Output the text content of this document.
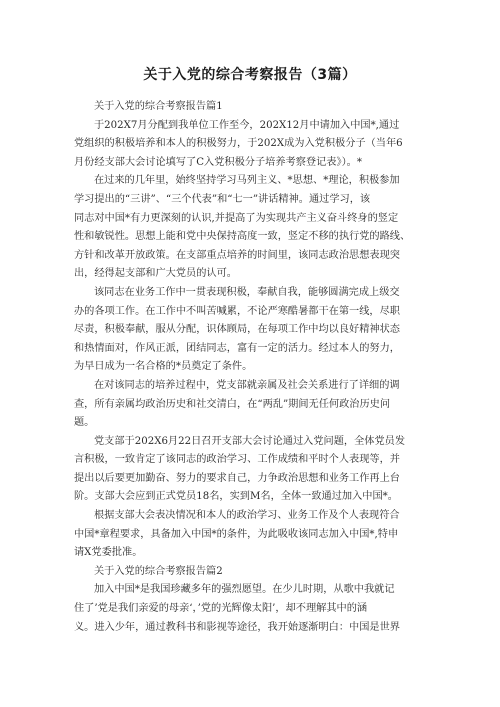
关于入党的综合考察报告（3篇）
关于入党的综合考察报告篇1
于202X7月分配到我单位工作至今，202X12月中请加入中国*,通过
党组织的积极培养和本人的积极努力，于202X成为入党积极分子（当年6
月份经支部大会讨论填写了C入党积极分子培养考察登记表》）。*
在过来的几年里，始终坚持学习马列主义、*思想、*理论，积极参加
学习提出的“三讲”、“三个代表”和“七一”讲话精神。通过学习，该
同志对中国*有力更深刻的认识,并提高了为实现共产主义奋斗终身的竖定
性和敏锐性。思想上能和党中央保持高度一致，竖定不移的执行党的路线、
方针和改革开放政策。在支部重点培养的时间里，该同志政治思想表现突
出，经得起支部和广大党员的认可。
该同志在业务工作中一贯表现积极，奉献自我，能够圆满完成上级交
办的各项工作。在工作中不叫苦喊累，不论严寒酷暑都干在第一线，尽职
尽责，积极奉献，服从分配，识体顾局，在每项工作中均以良好精神状态
和热情面对，作风正派，团结同志，富有一定的活力。经过本人的努力，
为早日成为一名合格的*员奠定了条件。
在对该同志的培养过程中，党支部就亲属及社会关系进行了详细的调
查，所有亲属均政治历史和社交清白，在“两乱”期间无任何政治历史问
题。
党支部于202X6月22日召开支部大会讨论通过入党问题，全体党员发
言积极，一致肯定了该同志的政治学习、工作成绩和平时个人表现等，并
提出以后要更加勤奋、努力的要求自己，力争政治思想和业务工作再上台
阶。支部大会应到正式党员18名，实到M名，全体一致通过加入中国*。
根据支部大会表决情况和本人的政治学习、业务工作及个人表现符合
中国*章程要求，具备加入中国*的条件，为此吸收该同志加入中国*,特申
请X党委批准。
关于入党的综合考察报告篇2
加入中国*是我国珍藏多年的强烈愿望。在少儿时期，从歌中我就记
住了’党是我们亲爱的母亲‘，’党的光辉像太阳’，却不理解其中的涵
义。进入少年，通过教科书和影视等途径，我开始逐渐明白：中国是世界
